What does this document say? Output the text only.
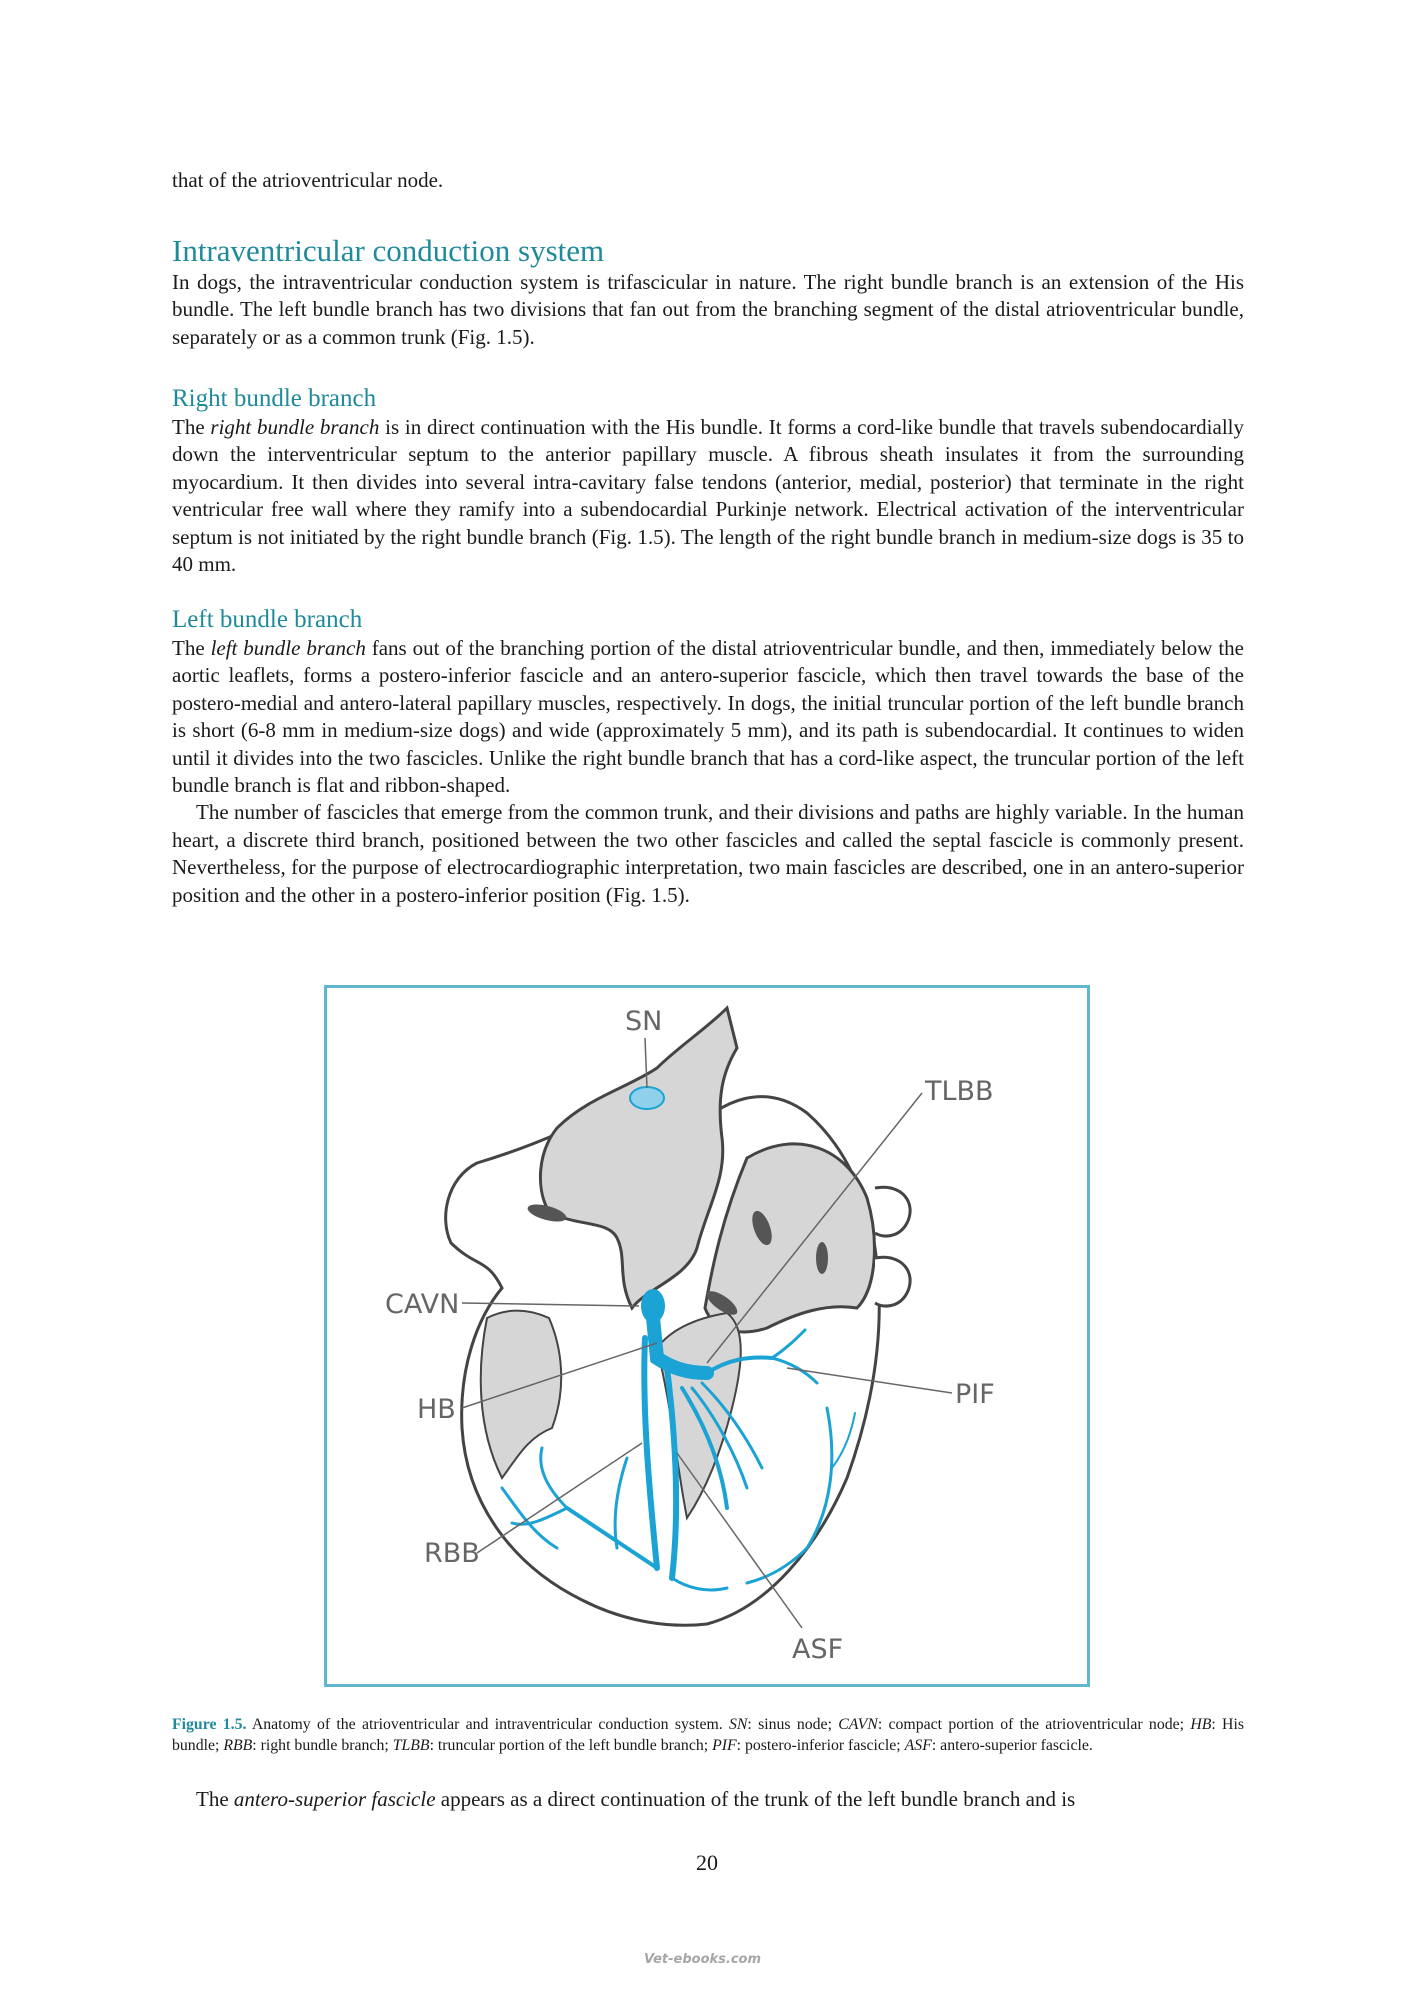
that of the atrioventricular node.

Intraventricular conduction system

In dogs, the intraventricular conduction system is trifascicular in nature. The right bundle branch is an extension of the His bundle. The left bundle branch has two divisions that fan out from the branching segment of the distal atrioventricular bundle, separately or as a common trunk (Fig. 1.5).

Right bundle branch

The right bundle branch is in direct continuation with the His bundle. It forms a cord-like bundle that travels subendocardially down the interventricular septum to the anterior papillary muscle. A fibrous sheath insulates it from the surrounding myocardium. It then divides into several intra-cavitary false tendons (anterior, medial, posterior) that terminate in the right ventricular free wall where they ramify into a subendocardial Purkinje network. Electrical activation of the interventricular septum is not initiated by the right bundle branch (Fig. 1.5). The length of the right bundle branch in medium-size dogs is 35 to 40 mm.

Left bundle branch

The left bundle branch fans out of the branching portion of the distal atrioventricular bundle, and then, immediately below the aortic leaflets, forms a postero-inferior fascicle and an antero-superior fascicle, which then travel towards the base of the postero-medial and antero-lateral papillary muscles, respectively. In dogs, the initial truncular portion of the left bundle branch is short (6-8 mm in medium-size dogs) and wide (approximately 5 mm), and its path is subendocardial. It continues to widen until it divides into the two fascicles. Unlike the right bundle branch that has a cord-like aspect, the truncular portion of the left bundle branch is flat and ribbon-shaped.

The number of fascicles that emerge from the common trunk, and their divisions and paths are highly variable. In the human heart, a discrete third branch, positioned between the two other fascicles and called the septal fascicle is commonly present. Nevertheless, for the purpose of electrocardiographic interpretation, two main fascicles are described, one in an antero-superior position and the other in a postero-inferior position (Fig. 1.5).

SN
TLBB
CAVN
HB	PIF
RBB
ASF

Figure 1.5. Anatomy of the atrioventricular and intraventricular conduction system. SN: sinus node; CAVN: compact portion of the atrioventricular node; HB: His bundle; RBB: right bundle branch; TLBB: truncular portion of the left bundle branch; PIF: postero-inferior fascicle; ASF: antero-superior fascicle.

The antero-superior fascicle appears as a direct continuation of the trunk of the left bundle branch and is

20
Vet-ebooks.com
